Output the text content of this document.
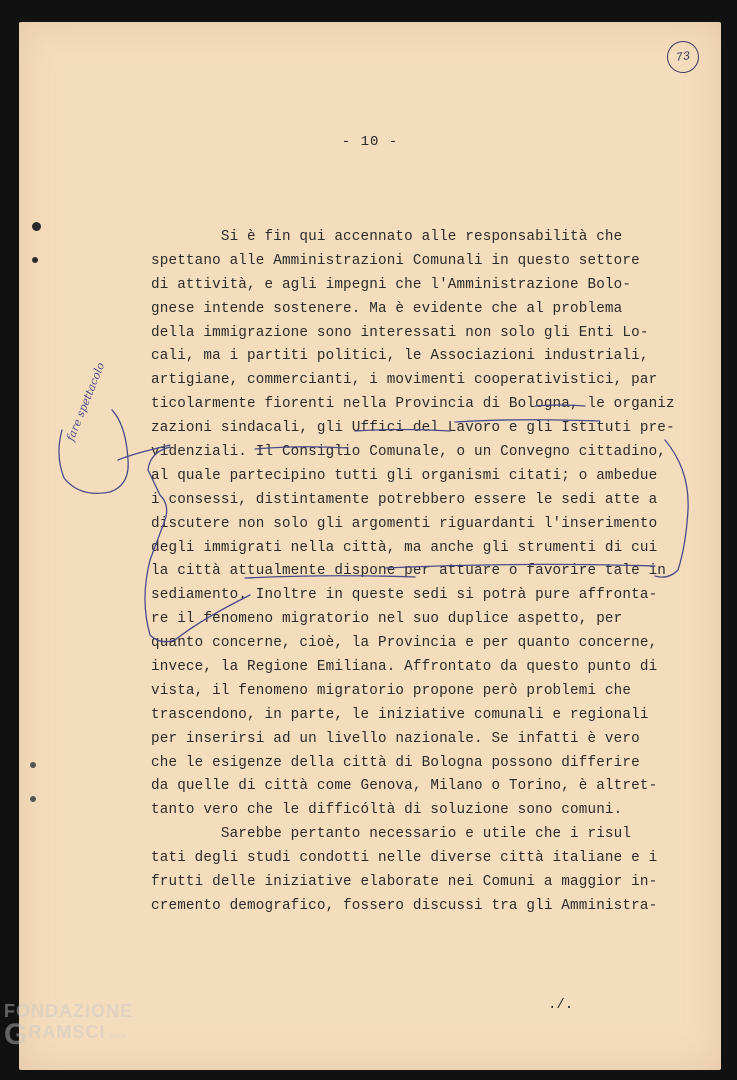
73
- 10 -
Si è fin qui accennato alle responsabilità che
spettano alle Amministrazioni Comunali in questo settore
di attività, e agli impegni che l'Amministrazione Bolo-
gnese intende sostenere. Ma è evidente che al problema
della immigrazione sono interessati non solo gli Enti Lo-
cali, ma i partiti politici, le Associazioni industriali,
artigiane, commercianti, i movimenti cooperativistici, par
ticolarmente fiorenti nella Provincia di Bologna, le organiz
zazioni sindacali, gli Uffici del Lavoro e gli Istituti pre-
videnziali. Il Consiglio Comunale, o un Convegno cittadino,
al quale partecipino tutti gli organismi citati; o ambedue
i consessi, distintamente potrebbero essere le sedi atte a
discutere non solo gli argomenti riguardanti l'inserimento
degli immigrati nella città, ma anche gli strumenti di cui
la città attualmente dispone per attuare o favorire tale in
sediamento. Inoltre in queste sedi si potrà pure affronta-
re il fenomeno migratorio nel suo duplice aspetto, per
quanto concerne, cioè, la Provincia e per quanto concerne,
invece, la Regione Emiliana. Affrontato da questo punto di
vista, il fenomeno migratorio propone però problemi che
trascendono, in parte, le iniziative comunali e regionali
per inserirsi ad un livello nazionale. Se infatti è vero
che le esigenze della città di Bologna possono differire
da quelle di città come Genova, Milano o Torino, è altret-
tanto vero che le difficóltà di soluzione sono comuni.
Sarebbe pertanto necessario e utile che i risul
tati degli studi condotti nelle diverse città italiane e i
frutti delle iniziative elaborate nei Comuni a maggior in-
cremento demografico, fossero discussi tra gli Amministra-
./.
fare spettacolo
FONDAZIONE
GRAMSCI onlus
